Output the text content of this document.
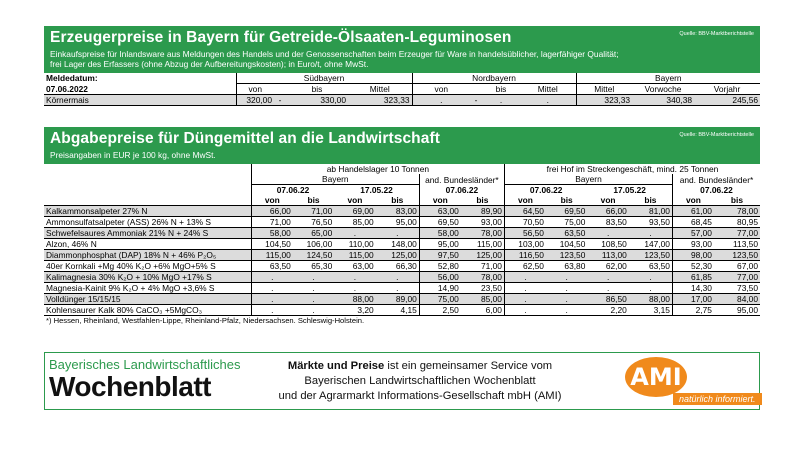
Erzeugerpreise in Bayern für Getreide-Ölsaaten-Leguminosen	Quelle: BBV-Marktberichtstelle
Einkaufspreise für Inlandsware aus Meldungen des Handels und der Genossenschaften beim Erzeuger für Ware in handelsüblicher, lagerfähiger Qualität;
frei Lager des Erfassers (ohne Abzug der Aufbereitungskosten); in Euro/t, ohne MwSt.
Meldedatum:	Südbayern				Nordbayern				Bayern		
07.06.2022	von		bis	Mittel	von		bis	Mittel	Mittel	Vorwoche	Vorjahr
Körnermais	320,00	-	330,00	323,33	.	-	.	.	323,33	340,38	245,56
Abgabepreise für Düngemittel an die Landwirtschaft	Quelle: BBV-Marktberichtstelle
Preisangaben in EUR je 100 kg, ohne MwSt.
	ab Handelslager 10 Tonnen						frei Hof im Streckengeschäft, mind. 25 Tonnen					
	Bayern				and. Bundesländer*		Bayern				and. Bundesländer*	
	07.06.22		17.05.22		07.06.22		07.06.22		17.05.22		07.06.22	
	von	bis	von	bis	von	bis	von	bis	von	bis	von	bis
Kalkammonsalpeter 27% N	66,00	71,00	69,00	83,00	63,00	89,90	64,50	69,50	66,00	81,00	61,00	78,00
Ammonsulfatsalpeter (ASS) 26% N + 13% S	71,00	76,50	85,00	95,00	69,50	93,00	70,50	75,00	83,50	93,50	68,45	80,95
Schwefelsaures Ammoniak 21% N + 24% S	58,00	65,00	.	.	58,00	78,00	56,50	63,50	.	.	57,00	77,00
Alzon, 46% N	104,50	106,00	110,00	148,00	95,00	115,00	103,00	104,50	108,50	147,00	93,00	113,50
Diammonphosphat (DAP) 18% N + 46% P₂O₅	115,00	124,50	115,00	125,00	97,50	125,00	116,50	123,50	113,00	123,50	98,00	123,50
40er Kornkali +Mg 40% K₂O +6% MgO+5% S	63,50	65,30	63,00	66,30	52,80	71,00	62,50	63,80	62,00	63,50	52,30	67,00
Kalimagnesia 30% K₂O + 10% MgO +17% S	.	.	.	.	56,00	78,00	.	.	.	.	61,85	77,00
Magnesia-Kainit 9% K₂O + 4% MgO +3,6% S	.	.	.	.	14,90	23,50	.	.	.	.	14,30	73,50
Volldünger 15/15/15	.	.	88,00	89,00	75,00	85,00	.	.	86,50	88,00	17,00	84,00
Kohlensaurer Kalk 80% CaCO₃ +5MgCO₃	.	.	3,20	4,15	2,50	6,00	.	.	2,20	3,15	2,75	95,00
*) Hessen, Rheinland, Westfahlen-Lippe, Rheinland-Pfalz, Niedersachsen. Schleswig-Holstein.												
Bayerisches Landwirtschaftliches
Wochenblatt
Märkte und Preise ist ein gemeinsamer Service vom
Bayerischen Landwirtschaftlichen Wochenblatt
und der Agrarmarkt Informations-Gesellschaft mbH (AMI)
AMI
natürlich informiert.
